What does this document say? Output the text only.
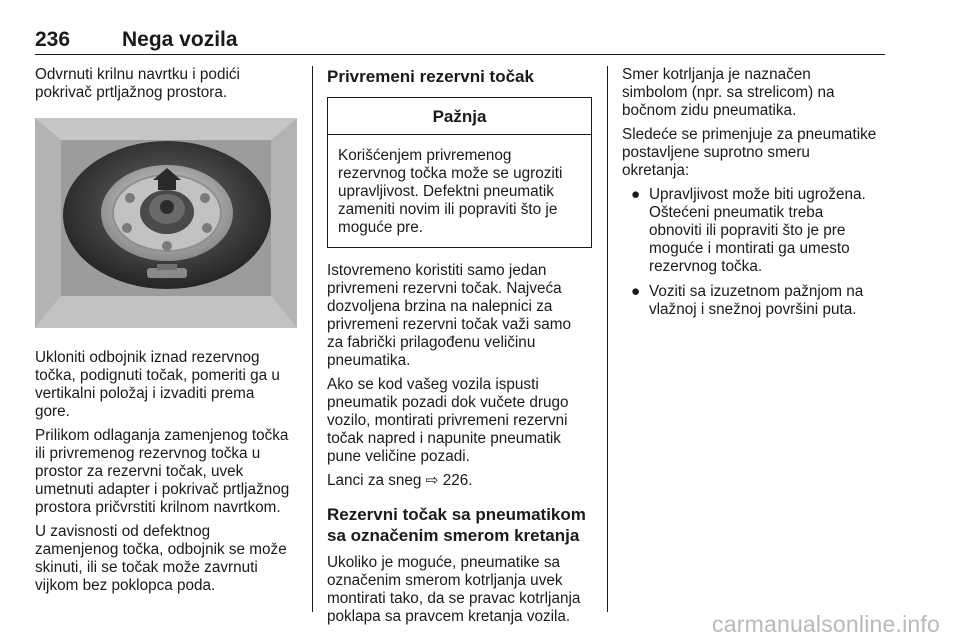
236 Nega vozila

Odvrnuti krilnu navrtku i podići
pokrivač prtljažnog prostora.

Ukloniti odbojnik iznad rezervnog
točka, podignuti točak, pomeriti ga u
vertikalni položaj i izvaditi prema
gore.

Prilikom odlaganja zamenjenog točka
ili privremenog rezervnog točka u
prostor za rezervni točak, uvek
umetnuti adapter i pokrivač prtljažnog
prostora pričvrstiti krilnom navrtkom.

U zavisnosti od defektnog
zamenjenog točka, odbojnik se može
skinuti, ili se točak može zavrnuti
vijkom bez poklopca poda.

Privremeni rezervni točak
Pažnja
Korišćenjem privremenog
rezervnog točka može se ugroziti
upravljivost. Defektni pneumatik
zameniti novim ili popraviti što je
moguće pre.

Istovremeno koristiti samo jedan
privremeni rezervni točak. Najveća
dozvoljena brzina na nalepnici za
privremeni rezervni točak važi samo
za fabrički prilagođenu veličinu
pneumatika.

Ako se kod vašeg vozila ispusti
pneumatik pozadi dok vučete drugo
vozilo, montirati privremeni rezervni
točak napred i napunite pneumatik
pune veličine pozadi.

Lanci za sneg ⇨ 226.

Rezervni točak sa pneumatikom
sa označenim smerom kretanja

Ukoliko je moguće, pneumatike sa
označenim smerom kotrljanja uvek
montirati tako, da se pravac kotrljanja
poklapa sa pravcem kretanja vozila.

Smer kotrljanja je naznačen
simbolom (npr. sa strelicom) na
bočnom zidu pneumatika.

Sledeće se primenjuje za pneumatike
postavljene suprotno smeru
okretanja:

● Upravljivost može biti ugrožena.
Oštećeni pneumatik treba
obnoviti ili popraviti što je pre
moguće i montirati ga umesto
rezervnog točka.
● Voziti sa izuzetnom pažnjom na
vlažnoj i snežnoj površini puta.
carmanualsonline.info
